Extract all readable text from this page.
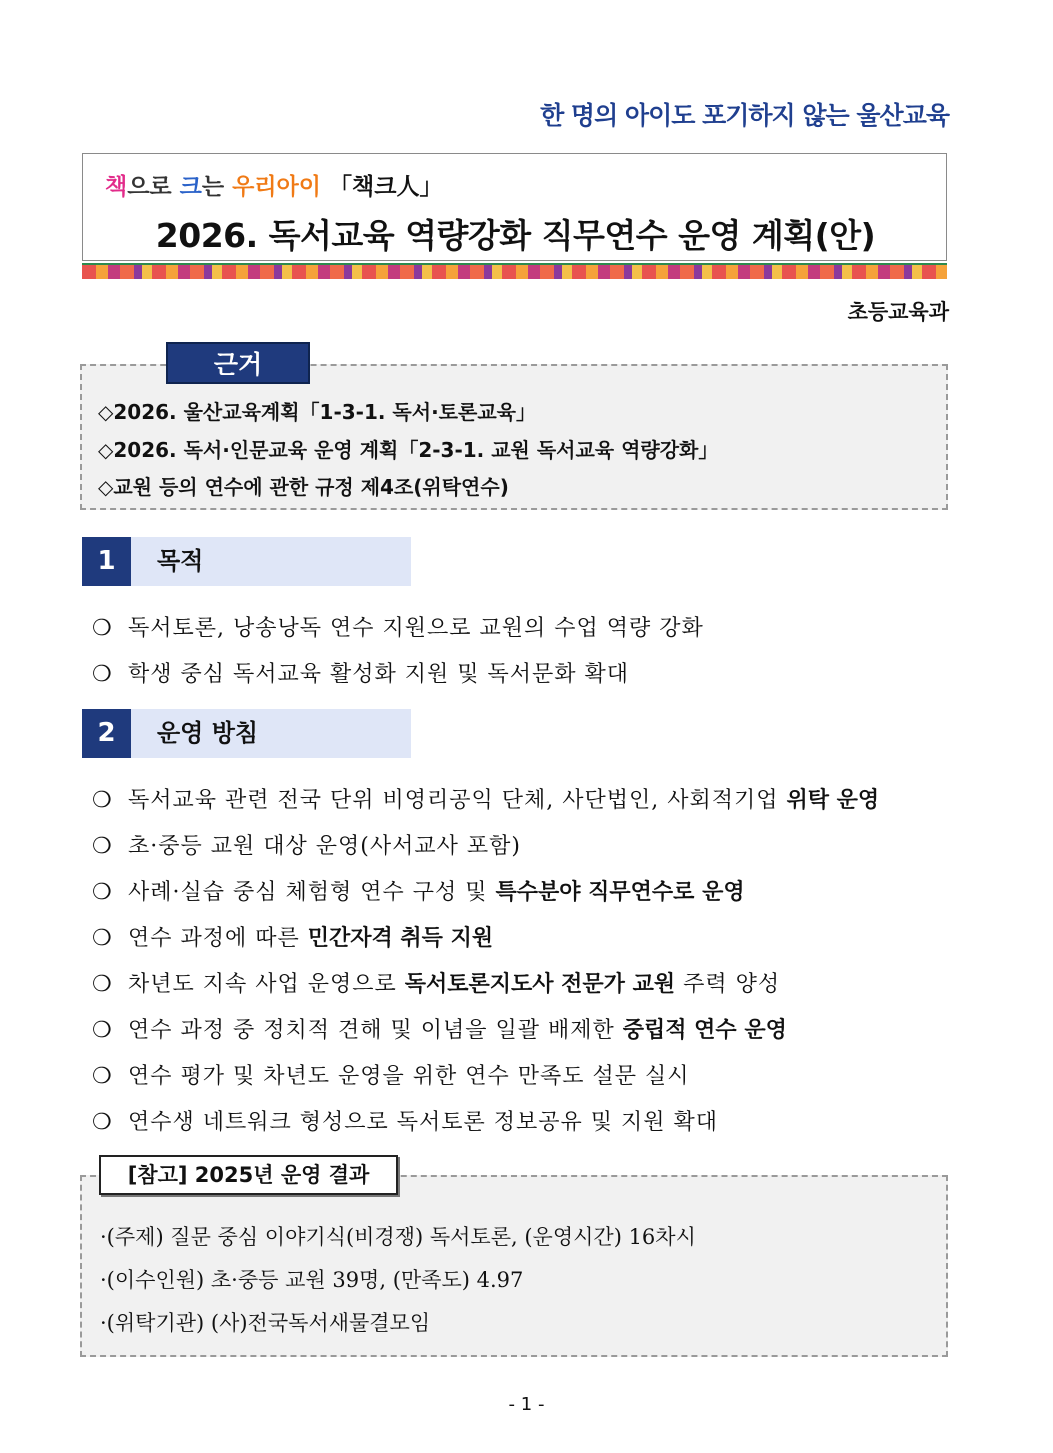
한 명의 아이도 포기하지 않는 울산교육
책으로 크는 우리아이 「책크人」
2026. 독서교육 역량강화 직무연수 운영 계획(안)
초등교육과
근거
◇2026. 울산교육계획「1-3-1. 독서·토론교육」
◇2026. 독서·인문교육 운영 계획「2-3-1. 교원 독서교육 역량강화」
◇교원 등의 연수에 관한 규정 제4조(위탁연수)
1	목적
❍ 독서토론, 낭송낭독 연수 지원으로 교원의 수업 역량 강화
❍ 학생 중심 독서교육 활성화 지원 및 독서문화 확대
2	운영 방침
❍ 독서교육 관련 전국 단위 비영리공익 단체, 사단법인, 사회적기업 위탁 운영
❍ 초·중등 교원 대상 운영(사서교사 포함)
❍ 사례·실습 중심 체험형 연수 구성 및 특수분야 직무연수로 운영
❍ 연수 과정에 따른 민간자격 취득 지원
❍ 차년도 지속 사업 운영으로 독서토론지도사 전문가 교원 주력 양성
❍ 연수 과정 중 정치적 견해 및 이념을 일괄 배제한 중립적 연수 운영
❍ 연수 평가 및 차년도 운영을 위한 연수 만족도 설문 실시
❍ 연수생 네트워크 형성으로 독서토론 정보공유 및 지원 확대
[참고] 2025년 운영 결과
·(주제) 질문 중심 이야기식(비경쟁) 독서토론, (운영시간) 16차시
·(이수인원) 초·중등 교원 39명, (만족도) 4.97
·(위탁기관) (사)전국독서새물결모임
- 1 -
